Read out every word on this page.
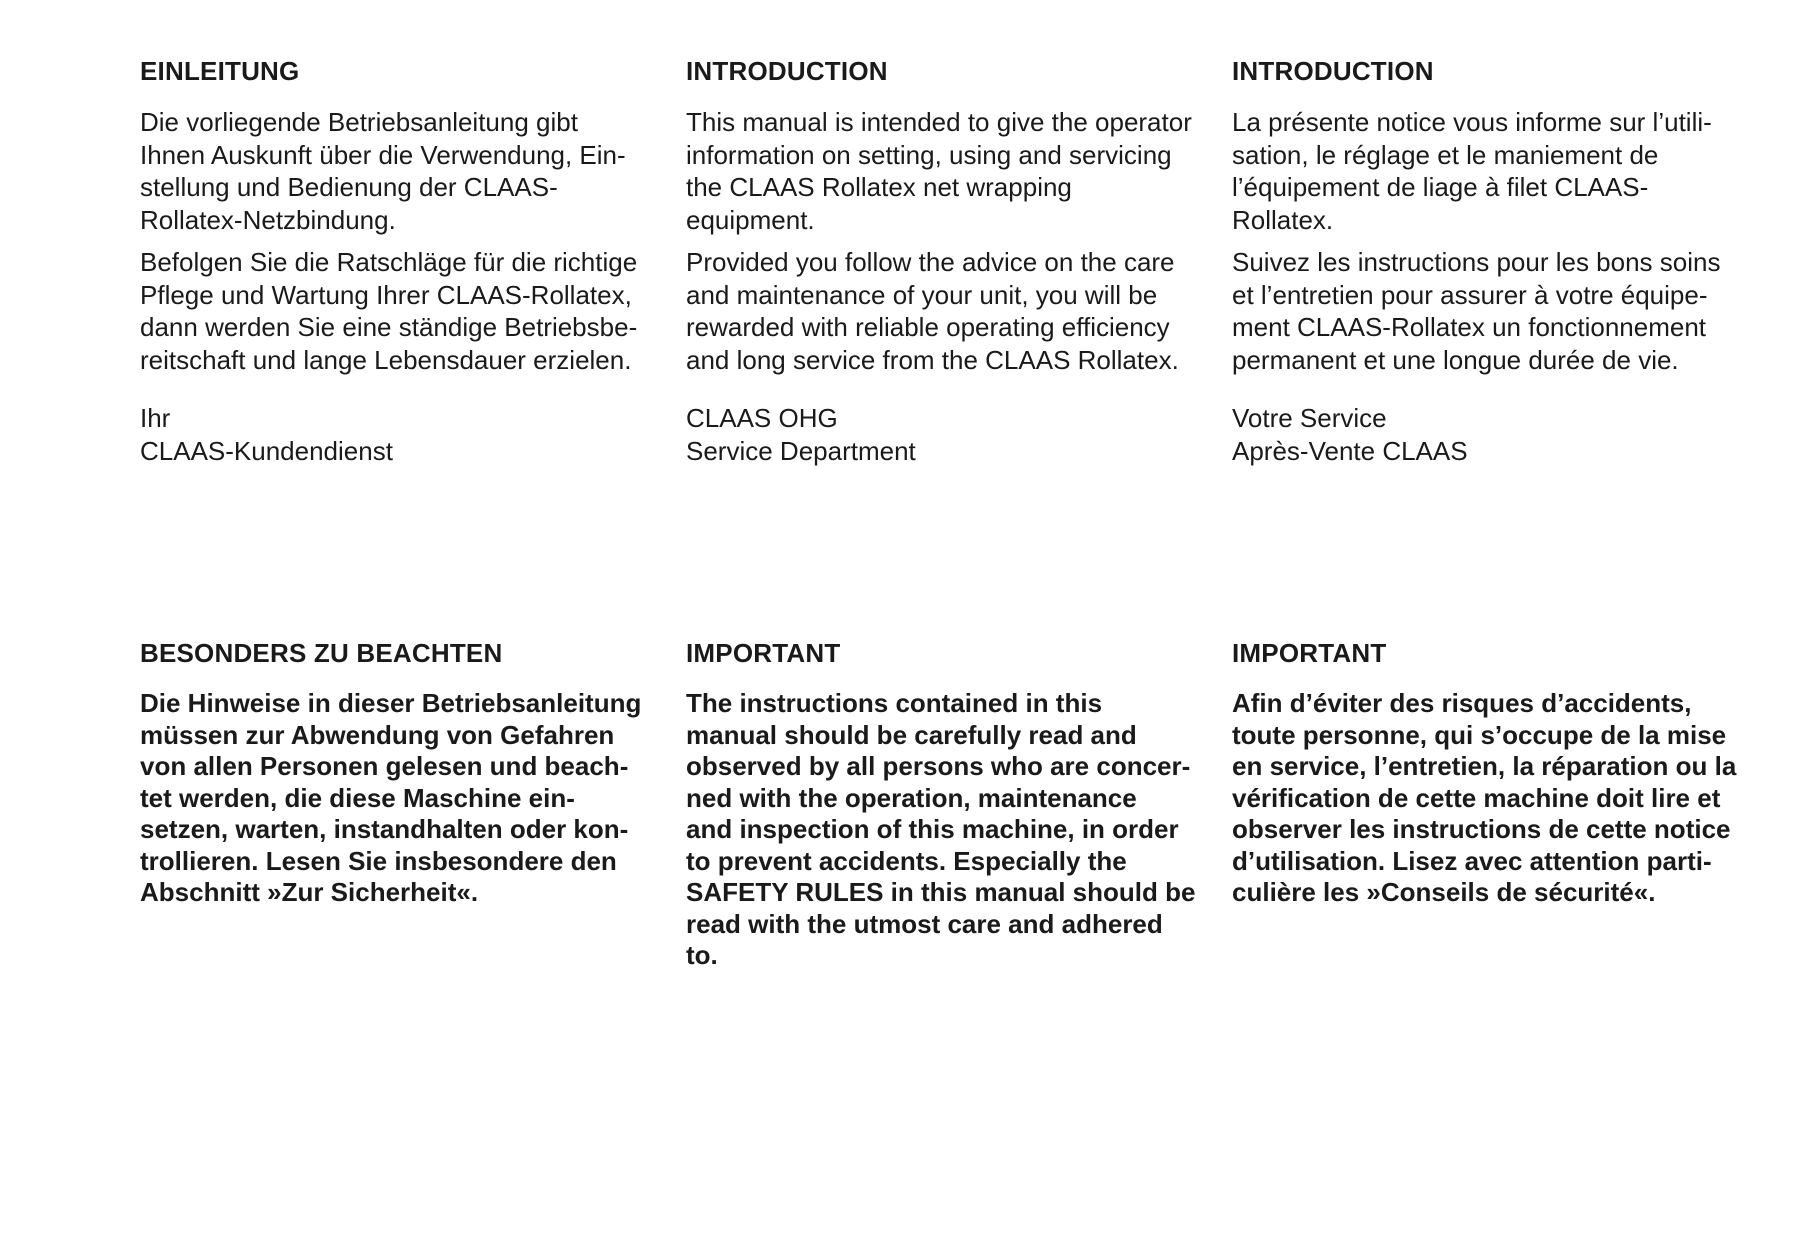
EINLEITUNG

Die vorliegende Betriebsanleitung gibt
Ihnen Auskunft über die Verwendung, Ein-
stellung und Bedienung der CLAAS-
Rollatex-Netzbindung.

Befolgen Sie die Ratschläge für die richtige
Pflege und Wartung Ihrer CLAAS-Rollatex,
dann werden Sie eine ständige Betriebsbe-
reitschaft und lange Lebensdauer erzielen.

Ihr
CLAAS-Kundendienst

INTRODUCTION

This manual is intended to give the operator
information on setting, using and servicing
the CLAAS Rollatex net wrapping
equipment.

Provided you follow the advice on the care
and maintenance of your unit, you will be
rewarded with reliable operating efficiency
and long service from the CLAAS Rollatex.

CLAAS OHG
Service Department

INTRODUCTION

La présente notice vous informe sur l’utili-
sation, le réglage et le maniement de
l’équipement de liage à filet CLAAS-
Rollatex.

Suivez les instructions pour les bons soins
et l’entretien pour assurer à votre équipe-
ment CLAAS-Rollatex un fonctionnement
permanent et une longue durée de vie.

Votre Service
Après-Vente CLAAS

BESONDERS ZU BEACHTEN

Die Hinweise in dieser Betriebsanleitung
müssen zur Abwendung von Gefahren
von allen Personen gelesen und beach-
tet werden, die diese Maschine ein-
setzen, warten, instandhalten oder kon-
trollieren. Lesen Sie insbesondere den
Abschnitt »Zur Sicherheit«.

IMPORTANT

The instructions contained in this
manual should be carefully read and
observed by all persons who are concer-
ned with the operation, maintenance
and inspection of this machine, in order
to prevent accidents. Especially the
SAFETY RULES in this manual should be
read with the utmost care and adhered
to.

IMPORTANT

Afin d’éviter des risques d’accidents,
toute personne, qui s’occupe de la mise
en service, l’entretien, la réparation ou la
vérification de cette machine doit lire et
observer les instructions de cette notice
d’utilisation. Lisez avec attention parti-
culière les »Conseils de sécurité«.
